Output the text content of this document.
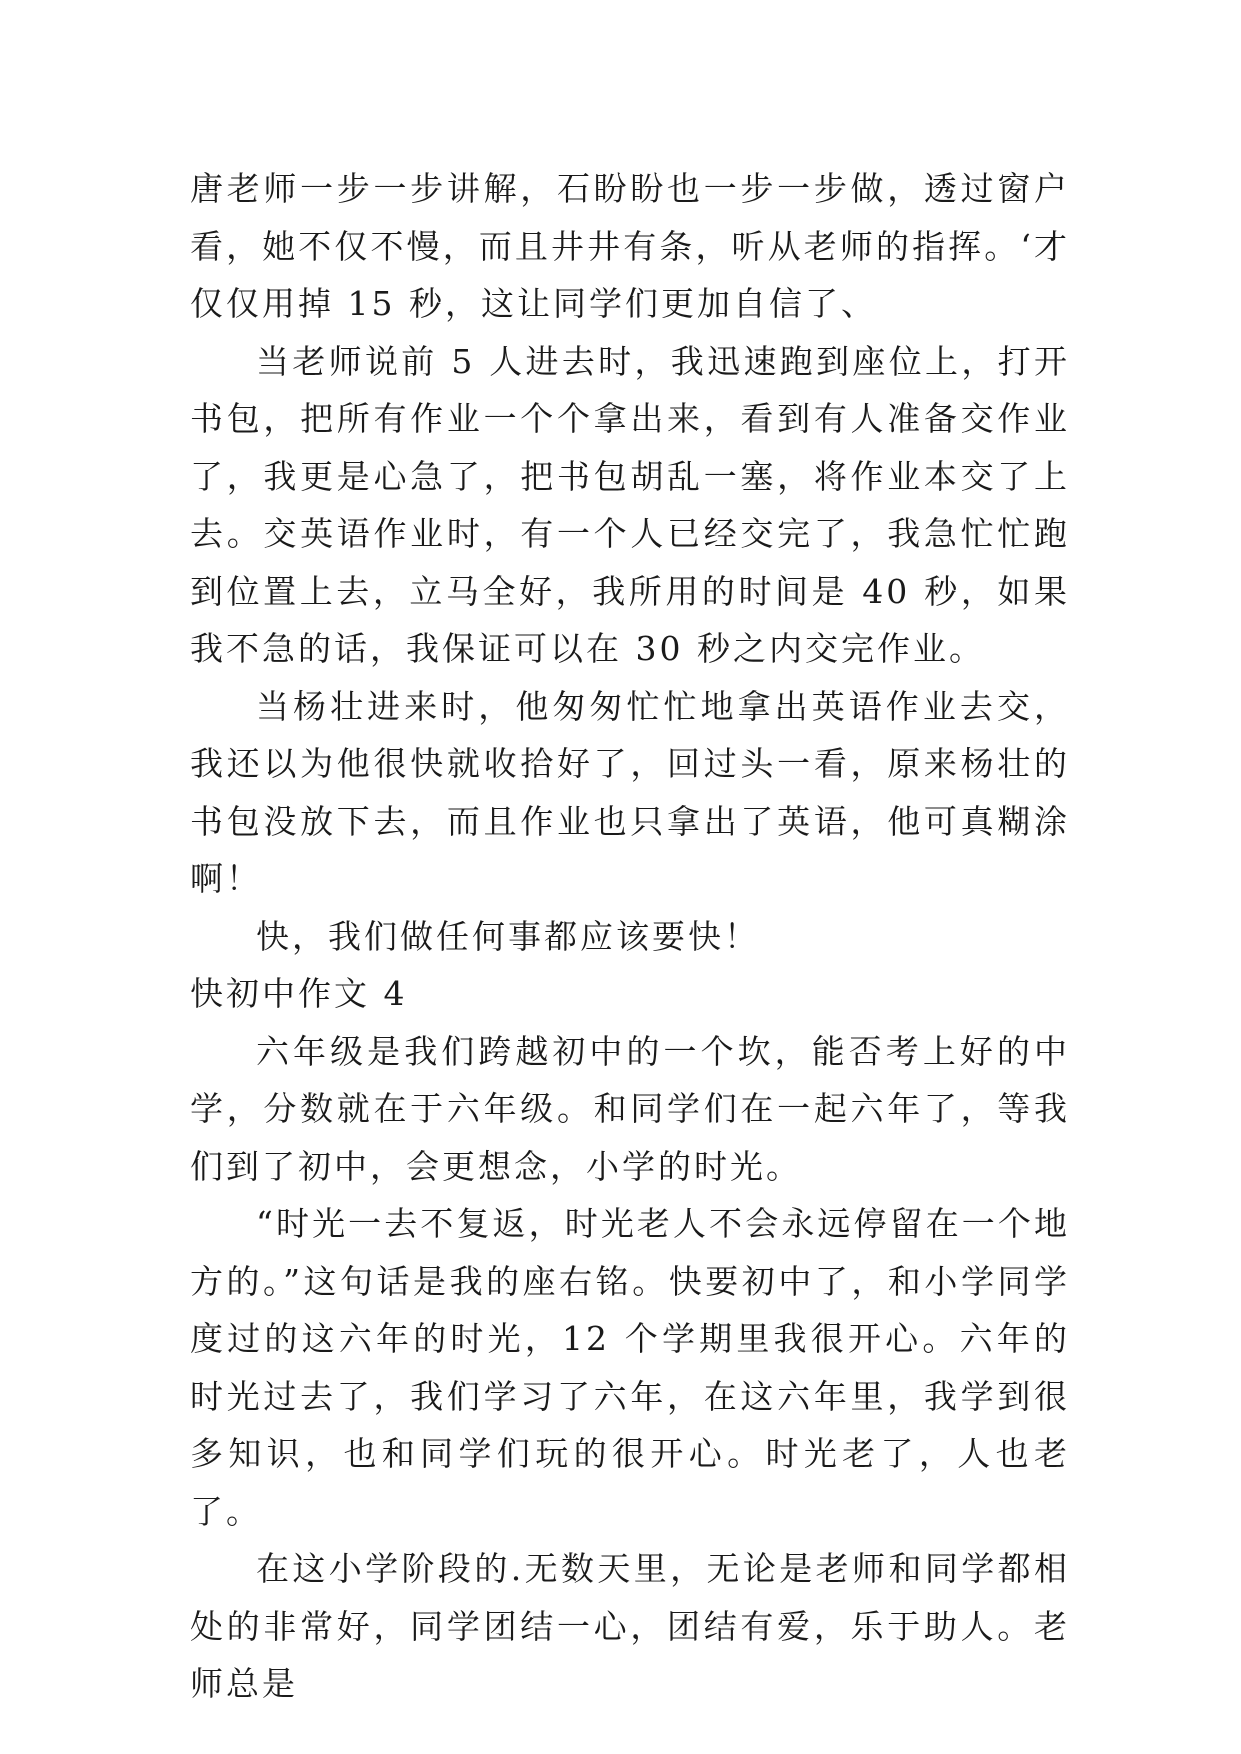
唐老师一步一步讲解，石盼盼也一步一步做，透过窗户看，她不仅不慢，而且井井有条，听从老师的指挥。‘才仅仅用掉 15 秒，这让同学们更加自信了、

当老师说前 5 人进去时，我迅速跑到座位上，打开书包，把所有作业一个个拿出来，看到有人准备交作业了，我更是心急了，把书包胡乱一塞，将作业本交了上去。交英语作业时，有一个人已经交完了，我急忙忙跑到位置上去，立马全好，我所用的时间是 40 秒，如果我不急的话，我保证可以在 30 秒之内交完作业。

当杨壮进来时，他匆匆忙忙地拿出英语作业去交，我还以为他很快就收拾好了，回过头一看，原来杨壮的书包没放下去，而且作业也只拿出了英语，他可真糊涂啊！

快，我们做任何事都应该要快！

快初中作文 4

六年级是我们跨越初中的一个坎，能否考上好的中学，分数就在于六年级。和同学们在一起六年了，等我们到了初中，会更想念，小学的时光。

“时光一去不复返，时光老人不会永远停留在一个地方的。”这句话是我的座右铭。快要初中了，和小学同学度过的这六年的时光，12 个学期里我很开心。六年的时光过去了，我们学习了六年，在这六年里，我学到很多知识，也和同学们玩的很开心。时光老了，人也老了。

在这小学阶段的.无数天里，无论是老师和同学都相处的非常好，同学团结一心，团结有爱，乐于助人。老师总是
